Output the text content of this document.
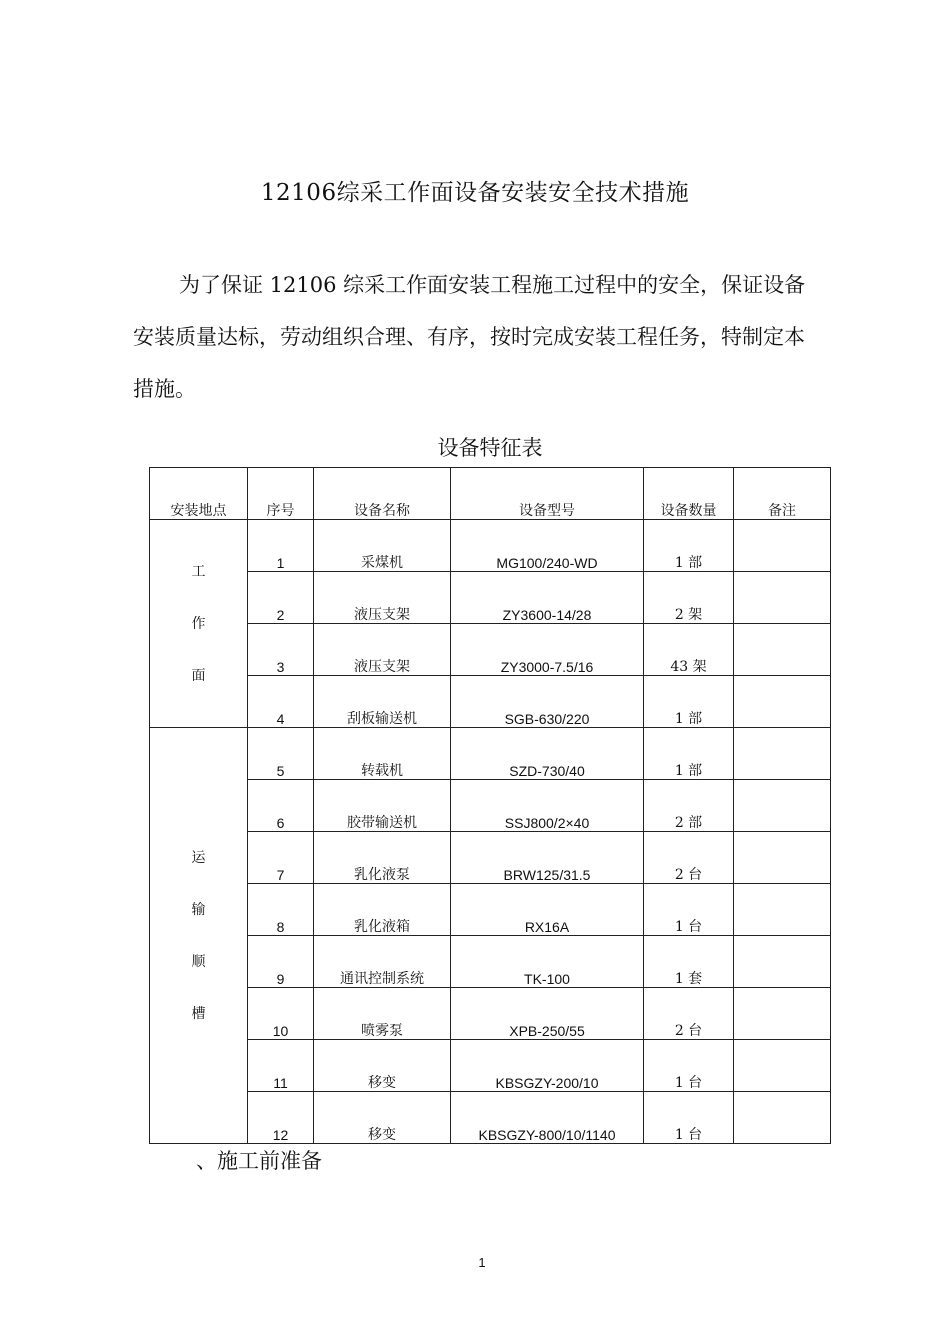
12106综采工作面设备安装安全技术措施
为了保证 12106 综采工作面安装工程施工过程中的安全，保证设备
安装质量达标，劳动组织合理、有序，按时完成安装工程任务，特制定本
措施。
设备特征表
安装地点	序号	设备名称	设备型号	设备数量	备注

工
作
面	1	采煤机	MG100/240-WD	1 部	

	2	液压支架	ZY3600-14/28	2 架	

	3	液压支架	ZY3000-7.5/16	43 架	

	4	刮板输送机	SGB-630/220	1 部	

运
输
顺
槽	5	转载机	SZD-730/40	1 部	

	6	胶带输送机	SSJ800/2×40	2 部	

	7	乳化液泵	BRW125/31.5	2 台	

	8	乳化液箱	RX16A	1 台	

	9	通讯控制系统	TK-100	1 套	

	10	喷雾泵	XPB-250/55	2 台	

	11	移变	KBSGZY-200/10	1 台	

	12	移变	KBSGZY-800/10/1140	1 台	

、施工前准备
1
